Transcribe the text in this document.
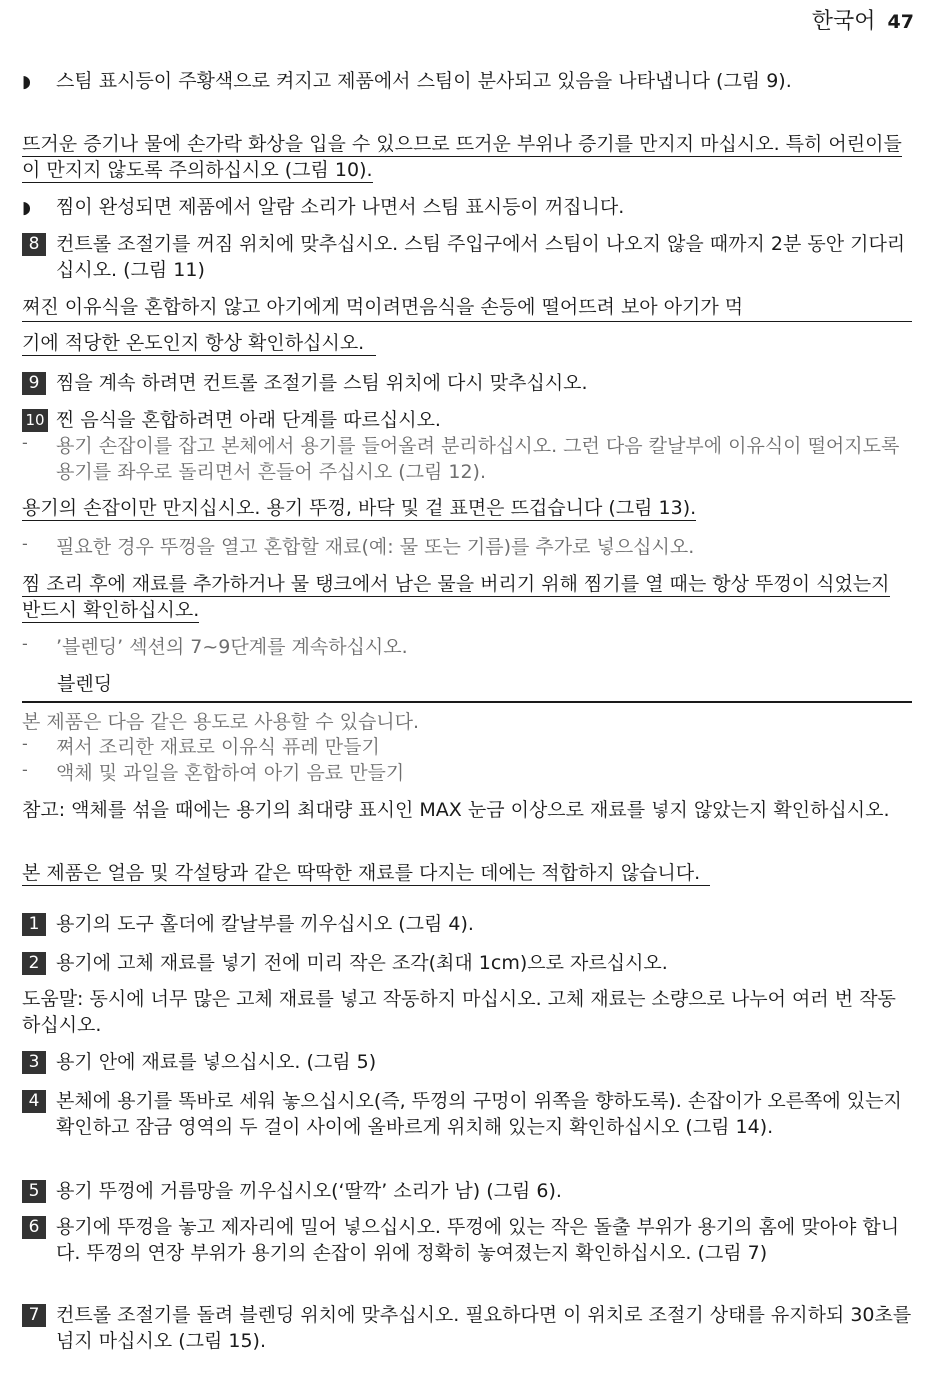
한국어 47
◗ 스팀 표시등이 주황색으로 켜지고 제품에서 스팀이 분사되고 있음을 나타냅니다 (그림 9).
뜨거운 증기나 물에 손가락 화상을 입을 수 있으므로 뜨거운 부위나 증기를 만지지 마십시오. 특히 어린이들이 만지지 않도록 주의하십시오 (그림 10).
◗ 찜이 완성되면 제품에서 알람 소리가 나면서 스팀 표시등이 꺼집니다.
8 컨트롤 조절기를 꺼짐 위치에 맞추십시오. 스팀 주입구에서 스팀이 나오지 않을 때까지 2분 동안 기다리십시오. (그림 11)
쪄진 이유식을 혼합하지 않고 아기에게 먹이려면음식을 손등에 떨어뜨려 보아 아기가 먹
기에 적당한 온도인지 항상 확인하십시오.
9 찜을 계속 하려면 컨트롤 조절기를 스팀 위치에 다시 맞추십시오.
10 찐 음식을 혼합하려면 아래 단계를 따르십시오.
- 용기 손잡이를 잡고 본체에서 용기를 들어올려 분리하십시오. 그런 다음 칼날부에 이유식이 떨어지도록 용기를 좌우로 돌리면서 흔들어 주십시오 (그림 12).
용기의 손잡이만 만지십시오. 용기 뚜껑, 바닥 및 겉 표면은 뜨겁습니다 (그림 13).
- 필요한 경우 뚜껑을 열고 혼합할 재료(예: 물 또는 기름)를 추가로 넣으십시오.
찜 조리 후에 재료를 추가하거나 물 탱크에서 남은 물을 버리기 위해 찜기를 열 때는 항상 뚜껑이 식었는지 반드시 확인하십시오.
- ’블렌딩’ 섹션의 7~9단계를 계속하십시오.
블렌딩
본 제품은 다음 같은 용도로 사용할 수 있습니다.
- 쪄서 조리한 재료로 이유식 퓨레 만들기
- 액체 및 과일을 혼합하여 아기 음료 만들기
참고: 액체를 섞을 때에는 용기의 최대량 표시인 MAX 눈금 이상으로 재료를 넣지 않았는지 확인하십시오.
본 제품은 얼음 및 각설탕과 같은 딱딱한 재료를 다지는 데에는 적합하지 않습니다.
1 용기의 도구 홀더에 칼날부를 끼우십시오 (그림 4).
2 용기에 고체 재료를 넣기 전에 미리 작은 조각(최대 1cm)으로 자르십시오.
도움말: 동시에 너무 많은 고체 재료를 넣고 작동하지 마십시오. 고체 재료는 소량으로 나누어 여러 번 작동하십시오.
3 용기 안에 재료를 넣으십시오. (그림 5)
4 본체에 용기를 똑바로 세워 놓으십시오(즉, 뚜껑의 구멍이 위쪽을 향하도록). 손잡이가 오른쪽에 있는지 확인하고 잠금 영역의 두 걸이 사이에 올바르게 위치해 있는지 확인하십시오 (그림 14).
5 용기 뚜껑에 거름망을 끼우십시오(‘딸깍’ 소리가 남) (그림 6).
6 용기에 뚜껑을 놓고 제자리에 밀어 넣으십시오. 뚜껑에 있는 작은 돌출 부위가 용기의 홈에 맞아야 합니다. 뚜껑의 연장 부위가 용기의 손잡이 위에 정확히 놓여졌는지 확인하십시오. (그림 7)
7 컨트롤 조절기를 돌려 블렌딩 위치에 맞추십시오. 필요하다면 이 위치로 조절기 상태를 유지하되 30초를 넘지 마십시오 (그림 15).
